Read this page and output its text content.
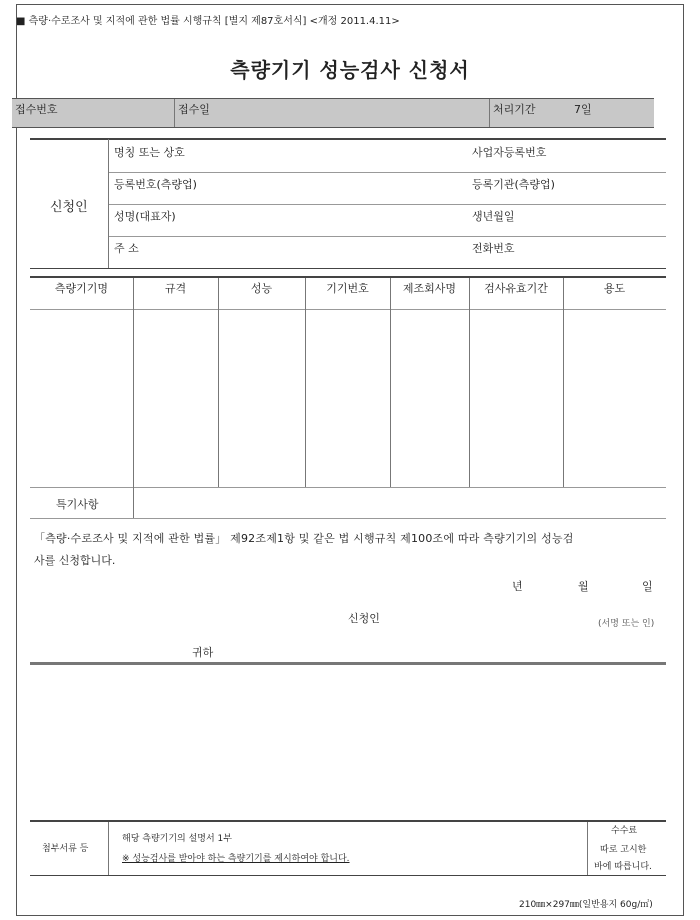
■ 측량·수로조사 및 지적에 관한 법률 시행규칙 [별지 제87호서식] <개정 2011.4.11>
측량기기 성능검사 신청서
접수번호	접수일	처리기간	7일
신청인
명칭 또는 상호	사업자등록번호
등록번호(측량업)	등록기관(측량업)
성명(대표자)	생년월일
주 소	전화번호
측량기기명	규격	성능	기기번호	제조회사명	검사유효기간	용도
특기사항
「측량·수로조사 및 지적에 관한 법률」 제92조제1항 및 같은 법 시행규칙 제100조에 따라 측량기기의 성능검
사를 신청합니다.
년	월	일
신청인	(서명 또는 인)
귀하
첨부서류 등
해당 측량기기의 설명서 1부
※ 성능검사를 받아야 하는 측량기기를 제시하여야 합니다.
수수료
따로 고시한
바에 따릅니다.
210㎜×297㎜(일반용지 60g/㎡)
